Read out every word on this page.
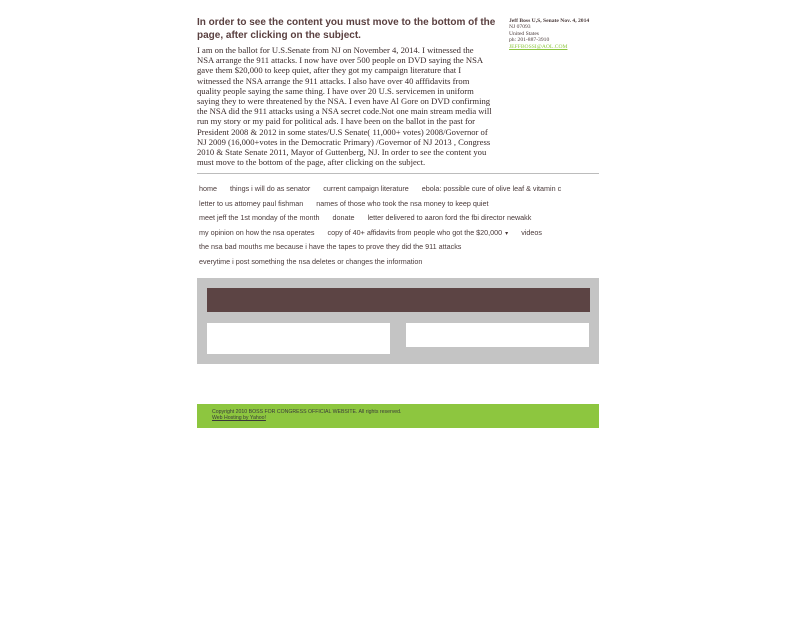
In order to see the content you must move to the bottom of the page, after clicking on the subject.

I am on the ballot for U.S.Senate from NJ on November 4, 2014. I witnessed the NSA arrange the 911 attacks. I now have over 500 people on DVD saying the NSA gave them $20,000 to keep quiet, after they got my campaign literature that I witnessed the NSA arrange the 911 attacks. I also have over 40 afffidavits from quality people saying the same thing. I have over 20 U.S. servicemen in uniform saying they to were threatened by the NSA. I even have Al Gore on DVD confirming the NSA did the 911 attacks using a NSA secret code.Not one main stream media will run my story or my paid for political ads. I have been on the ballot in the past for President 2008 & 2012 in some states/U.S Senate( 11,000+ votes) 2008/Governor of NJ 2009 (16,000+votes in the Democratic Primary) /Governor of NJ 2013 , Congress 2010 & State Senate 2011, Mayor of Guttenberg, NJ. In order to see the content you must move to the bottom of the page, after clicking on the subject.

Jeff Boss U,S, Senate Nov. 4, 2014
NJ 07093
United States
ph: 201-887-3910
JEFFBOSSI@AOL.COM
home things i will do as senator current campaign literature ebola: possible cure of olive leaf & vitamin c
letter to us attorney paul fishman names of those who took the nsa money to keep quiet
meet jeff the 1st monday of the month donate letter delivered to aaron ford the fbi director newakk
my opinion on how the nsa operates copy of 40+ affidavits from people who got the $20,000 ▾ videos
the nsa bad mouths me because i have the tapes to prove they did the 911 attacks
everytime i post something the nsa deletes or changes the information
Copyright 2010 BOSS FOR CONGRESS OFFICIAL WEBSITE. All rights reserved.
Web Hosting by Yahoo!
